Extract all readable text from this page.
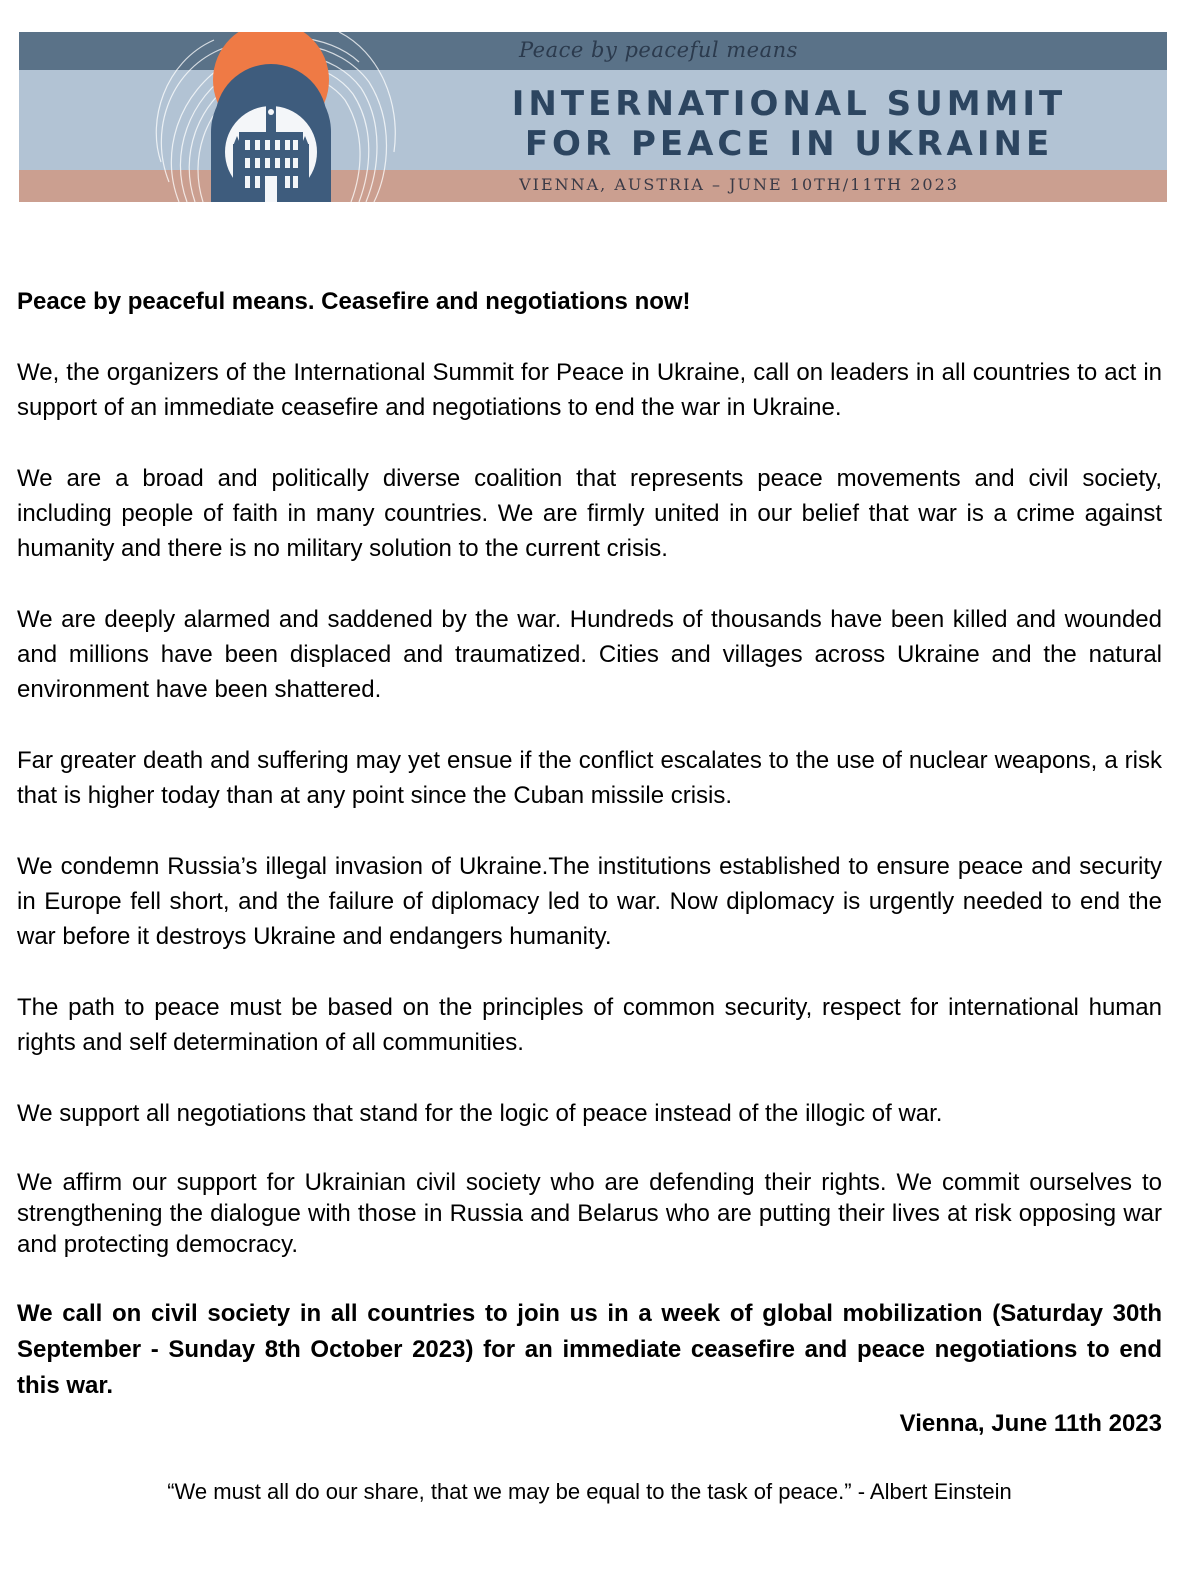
Peace by peaceful means
INTERNATIONAL SUMMIT
FOR PEACE IN UKRAINE
VIENNA, AUSTRIA – JUNE 10TH/11TH 2023

Peace by peaceful means. Ceasefire and negotiations now!

We, the organizers of the International Summit for Peace in Ukraine, call on leaders in all countries to act in support of an immediate ceasefire and negotiations to end the war in Ukraine.

We are a broad and politically diverse coalition that represents peace movements and civil society, including people of faith in many countries. We are firmly united in our belief that war is a crime against humanity and there is no military solution to the current crisis.

We are deeply alarmed and saddened by the war. Hundreds of thousands have been killed and wounded and millions have been displaced and traumatized. Cities and villages across Ukraine and the natural environment have been shattered.

Far greater death and suffering may yet ensue if the conflict escalates to the use of nuclear weapons, a risk that is higher today than at any point since the Cuban missile crisis.

We condemn Russia’s illegal invasion of Ukraine.The institutions established to ensure peace and security in Europe fell short, and the failure of diplomacy led to war. Now diplomacy is urgently needed to end the war before it destroys Ukraine and endangers humanity.

The path to peace must be based on the principles of common security, respect for international human rights and self determination of all communities.

We support all negotiations that stand for the logic of peace instead of the illogic of war.

We affirm our support for Ukrainian civil society who are defending their rights. We commit ourselves to strengthening the dialogue with those in Russia and Belarus who are putting their lives at risk opposing war and protecting democracy.

We call on civil society in all countries to join us in a week of global mobilization (Saturday 30th September - Sunday 8th October 2023) for an immediate ceasefire and peace negotiations to end this war.

Vienna, June 11th 2023
“We must all do our share, that we may be equal to the task of peace.” - Albert Einstein
